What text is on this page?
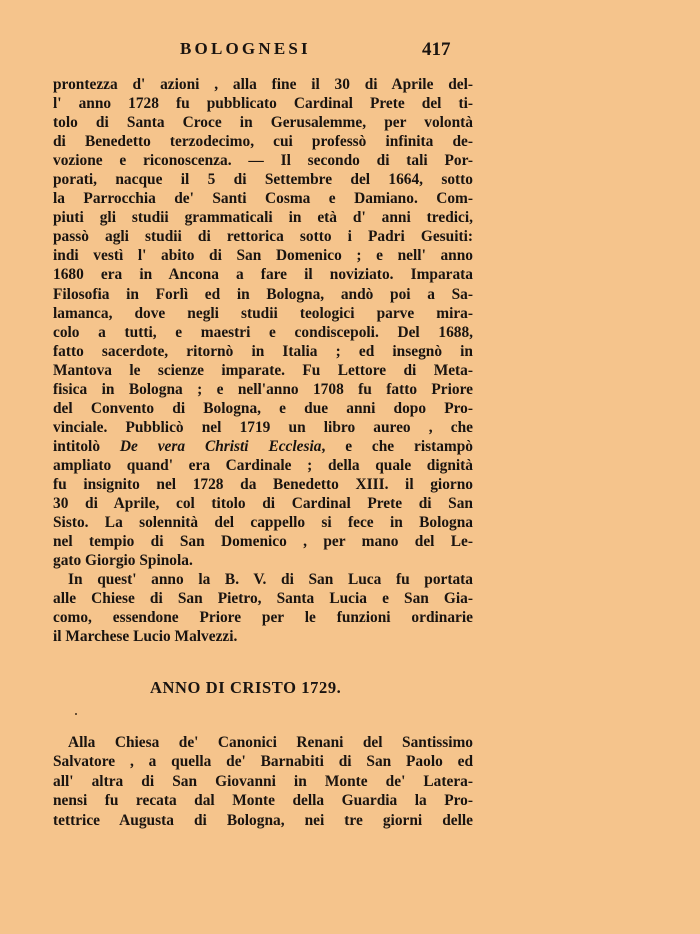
BOLOGNESI	417
prontezza d' azioni , alla fine il 30 di Aprile del-
l' anno 1728 fu pubblicato Cardinal Prete del ti-
tolo di Santa Croce in Gerusalemme, per volontà
di Benedetto terzodecimo, cui professò infinita de-
vozione e riconoscenza. — Il secondo di tali Por-
porati, nacque il 5 di Settembre del 1664, sotto
la Parrocchia de' Santi Cosma e Damiano. Com-
piuti gli studii grammaticali in età d' anni tredici,
passò agli studii di rettorica sotto i Padri Gesuiti:
indi vestì l' abito di San Domenico ; e nell' anno
1680 era in Ancona a fare il noviziato. Imparata
Filosofia in Forlì ed in Bologna, andò poi a Sa-
lamanca, dove negli studii teologici parve mira-
colo a tutti, e maestri e condiscepoli. Del 1688,
fatto sacerdote, ritornò in Italia ; ed insegnò in
Mantova le scienze imparate. Fu Lettore di Meta-
fisica in Bologna ; e nell'anno 1708 fu fatto Priore
del Convento di Bologna, e due anni dopo Pro-
vinciale. Pubblicò nel 1719 un libro aureo , che
intitolò De vera Christi Ecclesia, e che ristampò
ampliato quand' era Cardinale ; della quale dignità
fu insignito nel 1728 da Benedetto XIII. il giorno
30 di Aprile, col titolo di Cardinal Prete di San
Sisto. La solennità del cappello si fece in Bologna
nel tempio di San Domenico , per mano del Le-
gato Giorgio Spinola.
In quest' anno la B. V. di San Luca fu portata
alle Chiese di San Pietro, Santa Lucia e San Gia-
como, essendone Priore per le funzioni ordinarie
il Marchese Lucio Malvezzi.
ANNO DI CRISTO 1729.
Alla Chiesa de' Canonici Renani del Santissimo
Salvatore , a quella de' Barnabiti di San Paolo ed
all' altra di San Giovanni in Monte de' Latera-
nensi fu recata dal Monte della Guardia la Pro-
tettrice Augusta di Bologna, nei tre giorni delle
